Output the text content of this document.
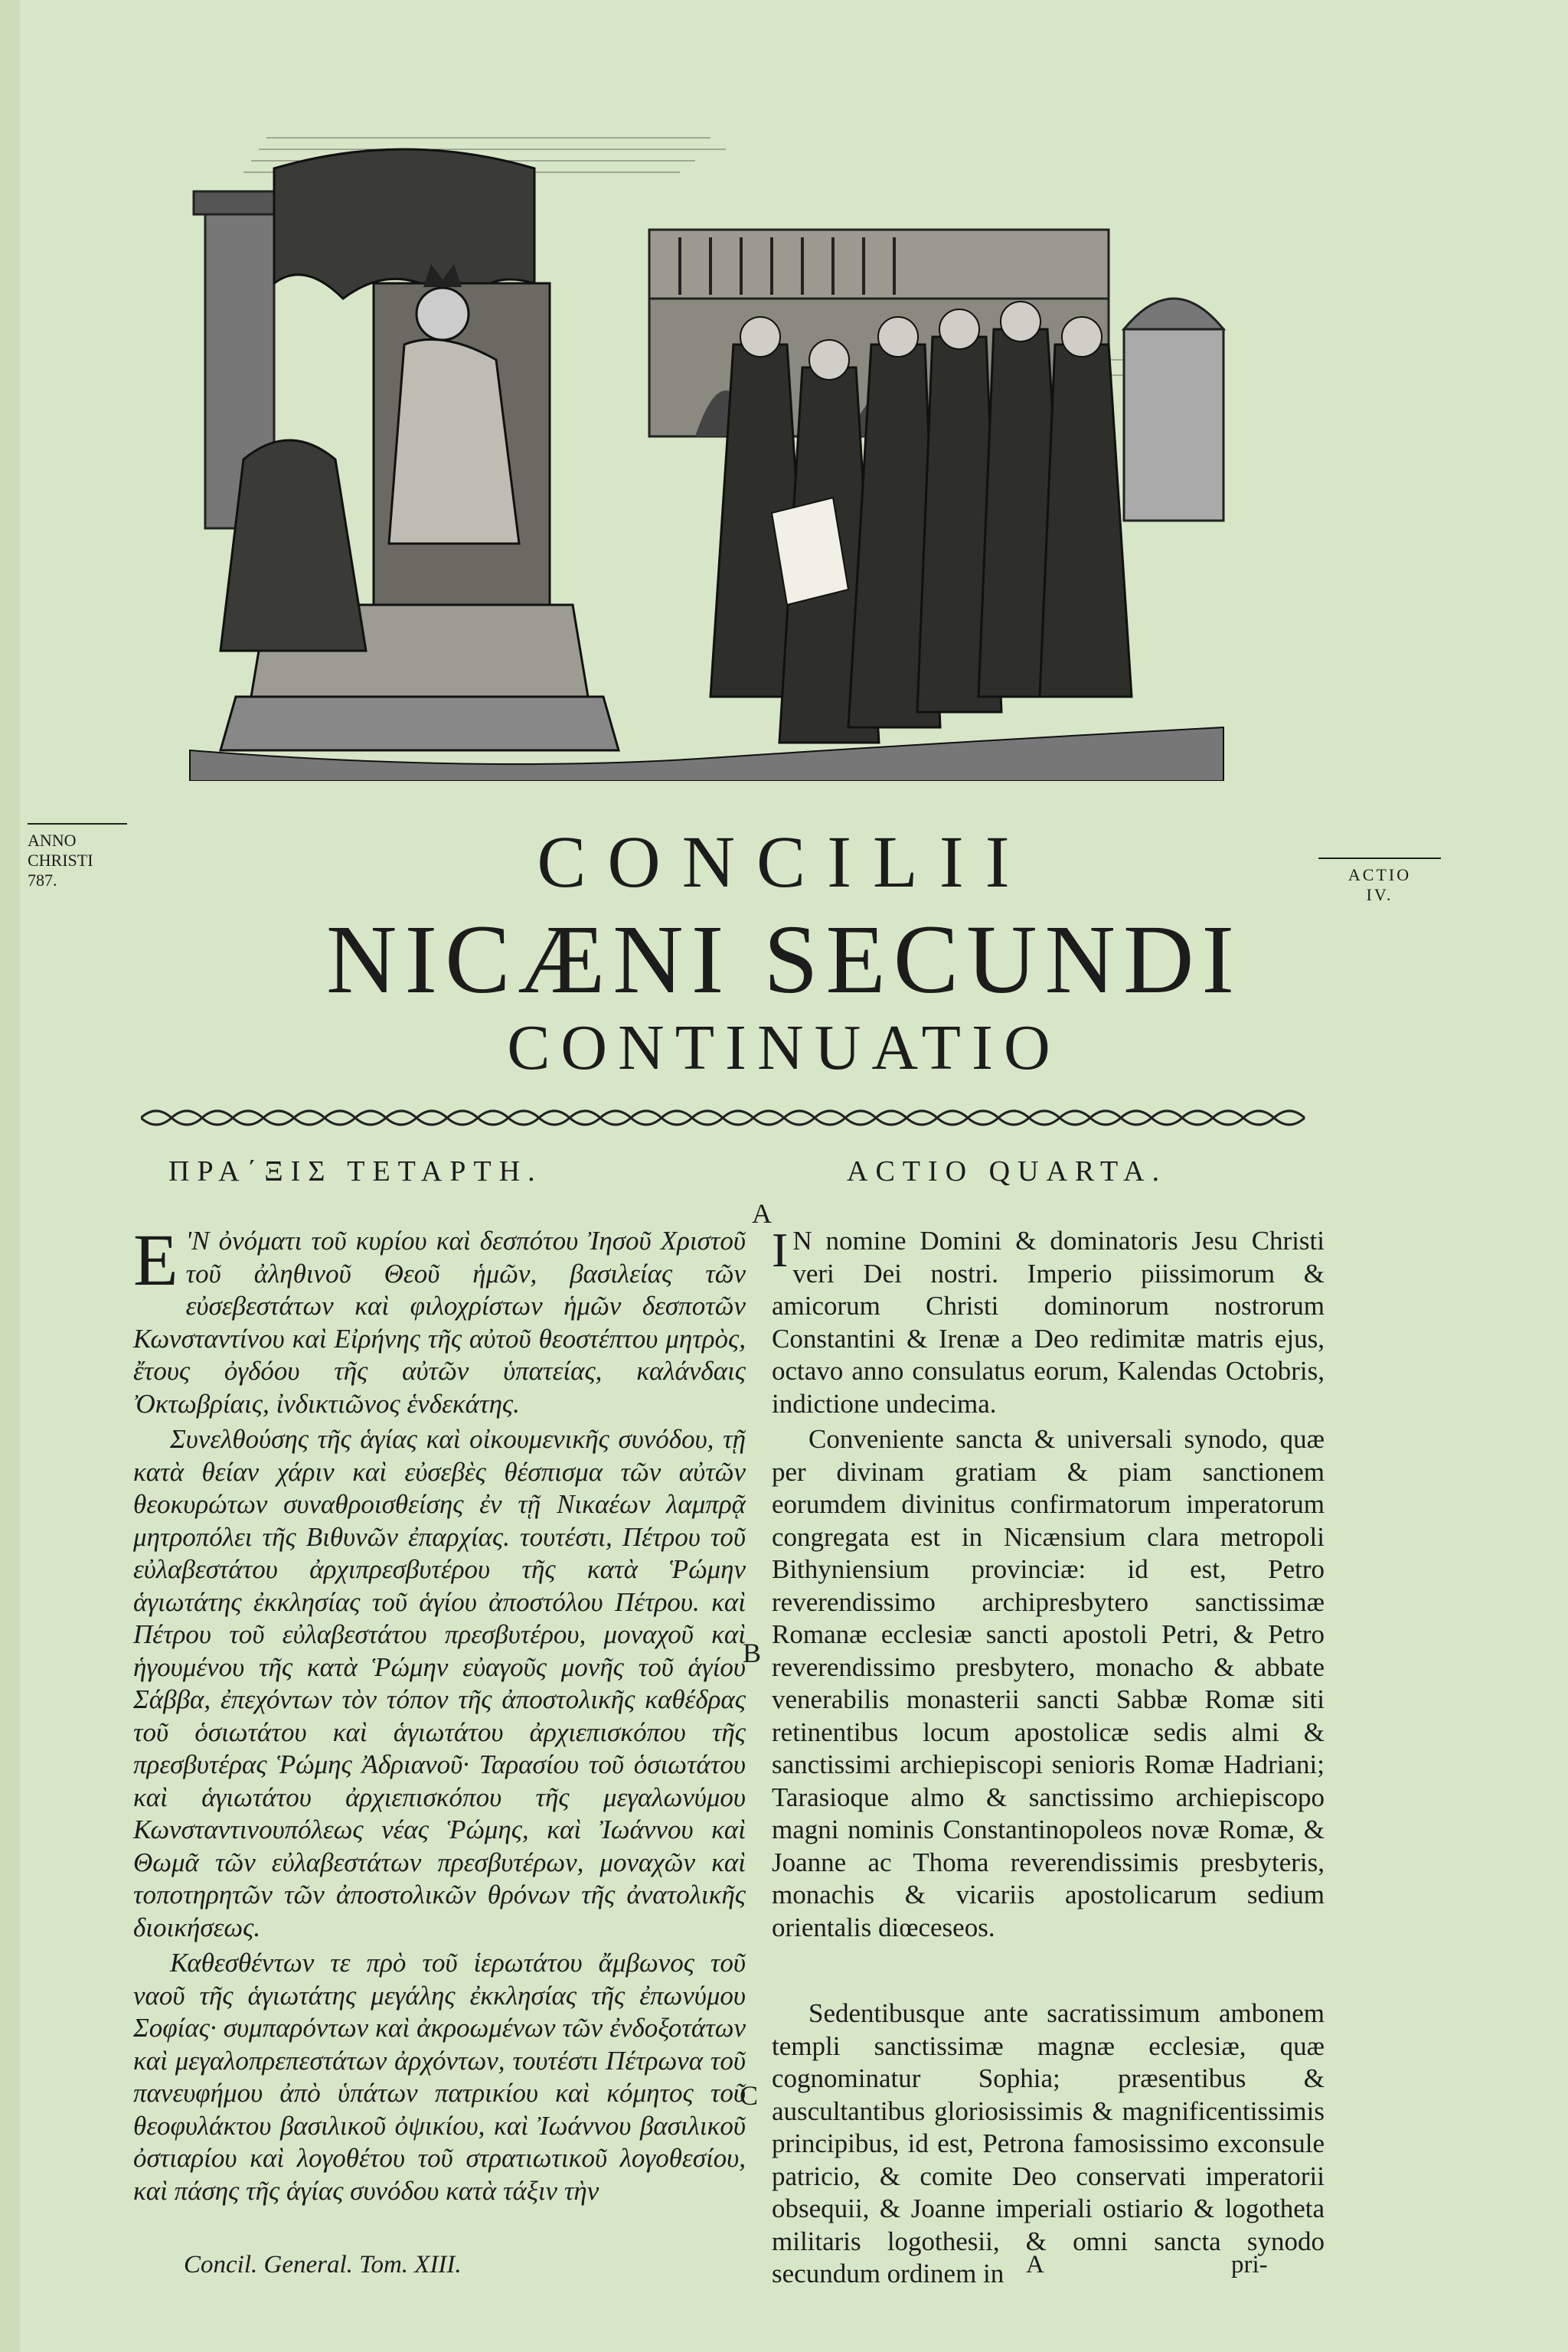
ANNO
CHRISTI
787.	ACTIO
IV.
CONCILII
NICÆNI SECUNDI
CONTINUATIO
ΠΡΑ΄ΞΙΣ ΤΕΤΑΡΤΗ.	ACTIO QUARTA.
A
B
C

Ε 'N ὀνόματι τοῦ κυρίου καὶ δεσπότου Ἰησοῦ Χριστοῦ τοῦ ἀληθινοῦ Θεοῦ ἡμῶν, βασιλείας τῶν εὐσεβεστάτων καὶ φιλοχρίστων ἡμῶν δεσποτῶν Κωνσταντίνου καὶ Εἰρήνης τῆς αὐτοῦ θεοστέπτου μητρὸς, ἔτους ὀγδόου τῆς αὐτῶν ὑπατείας, καλάνδαις Ὀκτωβρίαις, ἰνδικτιῶνος ἑνδεκάτης.

Συνελθούσης τῆς ἁγίας καὶ οἰκουμενικῆς συνόδου, τῇ κατὰ θείαν χάριν καὶ εὐσεβὲς θέσπισμα τῶν αὐτῶν θεοκυρώτων συναθροισθείσης ἐν τῇ Νικαέων λαμπρᾷ μητροπόλει τῆς Βιθυνῶν ἐπαρχίας. τουτέστι, Πέτρου τοῦ εὐλαβεστάτου ἀρχιπρεσβυτέρου τῆς κατὰ Ῥώμην ἁγιωτάτης ἐκκλησίας τοῦ ἁγίου ἀποστόλου Πέτρου. καὶ Πέτρου τοῦ εὐλαβεστάτου πρεσβυτέρου, μοναχοῦ καὶ ἡγουμένου τῆς κατὰ Ῥώμην εὐαγοῦς μονῆς τοῦ ἁγίου Σάββα, ἐπεχόντων τὸν τόπον τῆς ἀποστολικῆς καθέδρας τοῦ ὁσιωτάτου καὶ ἁγιωτάτου ἀρχιεπισκόπου τῆς πρεσβυτέρας Ῥώμης Ἀδριανοῦ· Ταρασίου τοῦ ὁσιωτάτου καὶ ἁγιωτάτου ἀρχιεπισκόπου τῆς μεγαλωνύμου Κωνσταντινουπόλεως νέας Ῥώμης, καὶ Ἰωάννου καὶ Θωμᾶ τῶν εὐλαβεστάτων πρεσβυτέρων, μοναχῶν καὶ τοποτηρητῶν τῶν ἀποστολικῶν θρόνων τῆς ἀνατολικῆς διοικήσεως.

Καθεσθέντων τε πρὸ τοῦ ἱερωτάτου ἄμβωνος τοῦ ναοῦ τῆς ἁγιωτάτης μεγάλης ἐκκλησίας τῆς ἐπωνύμου Σοφίας· συμπαρόντων καὶ ἀκροωμένων τῶν ἐνδοξοτάτων καὶ μεγαλοπρεπεστάτων ἀρχόντων, τουτέστι Πέτρωνα τοῦ πανευφήμου ἀπὸ ὑπάτων πατρικίου καὶ κόμητος τοῦ θεοφυλάκτου βασιλικοῦ ὀψικίου, καὶ Ἰωάννου βασιλικοῦ ὀστιαρίου καὶ λογοθέτου τοῦ στρατιωτικοῦ λογοθεσίου, καὶ πάσης τῆς ἁγίας συνόδου κατὰ τάξιν τὴν

I N nomine Domini & dominatoris Jesu Christi veri Dei nostri. Imperio piissimorum & amicorum Christi dominorum nostrorum Constantini & Irenæ a Deo redimitæ matris ejus, octavo anno consulatus eorum, Kalendas Octobris, indictione undecima.

Conveniente sancta & universali synodo, quæ per divinam gratiam & piam sanctionem eorumdem divinitus confirmatorum imperatorum congregata est in Nicænsium clara metropoli Bithyniensium provinciæ: id est, Petro reverendissimo archipresbytero sanctissimæ Romanæ ecclesiæ sancti apostoli Petri, & Petro reverendissimo presbytero, monacho & abbate venerabilis monasterii sancti Sabbæ Romæ siti retinentibus locum apostolicæ sedis almi & sanctissimi archiepiscopi senioris Romæ Hadriani; Tarasioque almo & sanctissimo archiepiscopo magni nominis Constantinopoleos novæ Romæ, & Joanne ac Thoma reverendissimis presbyteris, monachis & vicariis apostolicarum sedium orientalis diœceseos.

Sedentibusque ante sacratissimum ambonem templi sanctissimæ magnæ ecclesiæ, quæ cognominatur Sophia; præsentibus & auscultantibus gloriosissimis & magnificentissimis principibus, id est, Petrona famosissimo exconsule patricio, & comite Deo conservati imperatorii obsequii, & Joanne imperiali ostiario & logotheta militaris logothesii, & omni sancta synodo secundum ordinem in

Concil. General. Tom. XIII.	A	pri-
